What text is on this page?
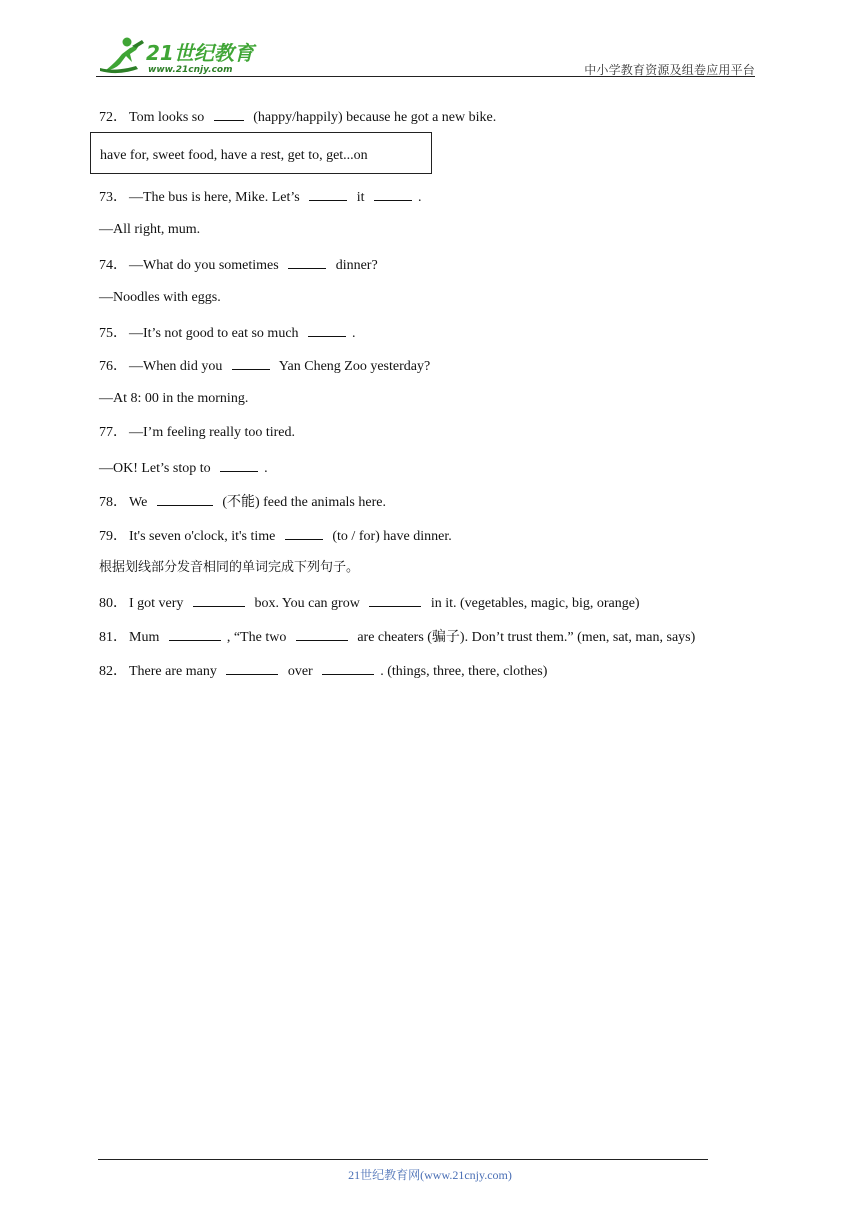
21世纪教育
www.21cnjy.com	中小学教育资源及组卷应用平台
72． Tom looks so	(happy/happily) because he got a new bike.
have for, sweet food, have a rest, get to, get...on
73． —The bus is here, Mike. Let’s	it	.
—All right, mum.
74． —What do you sometimes	dinner?
—Noodles with eggs.
75． —It’s not good to eat so much	.
76． —When did you	Yan Cheng Zoo yesterday?
—At 8: 00 in the morning.
77． —I’m feeling really too tired.
—OK! Let’s stop to	.
78． We	(不能) feed the animals here.
79． It's seven o'clock, it's time	(to / for) have dinner.
根据划线部分发音相同的单词完成下列句子。
80． I got very	box. You can grow	in it. (vegetables, magic, big, orange)
81． Mum	, “The two	are cheaters (骗子). Don’t trust them.” (men, sat, man, says)
82． There are many	over	. (things, three, there, clothes)
21世纪教育网(www.21cnjy.com)
